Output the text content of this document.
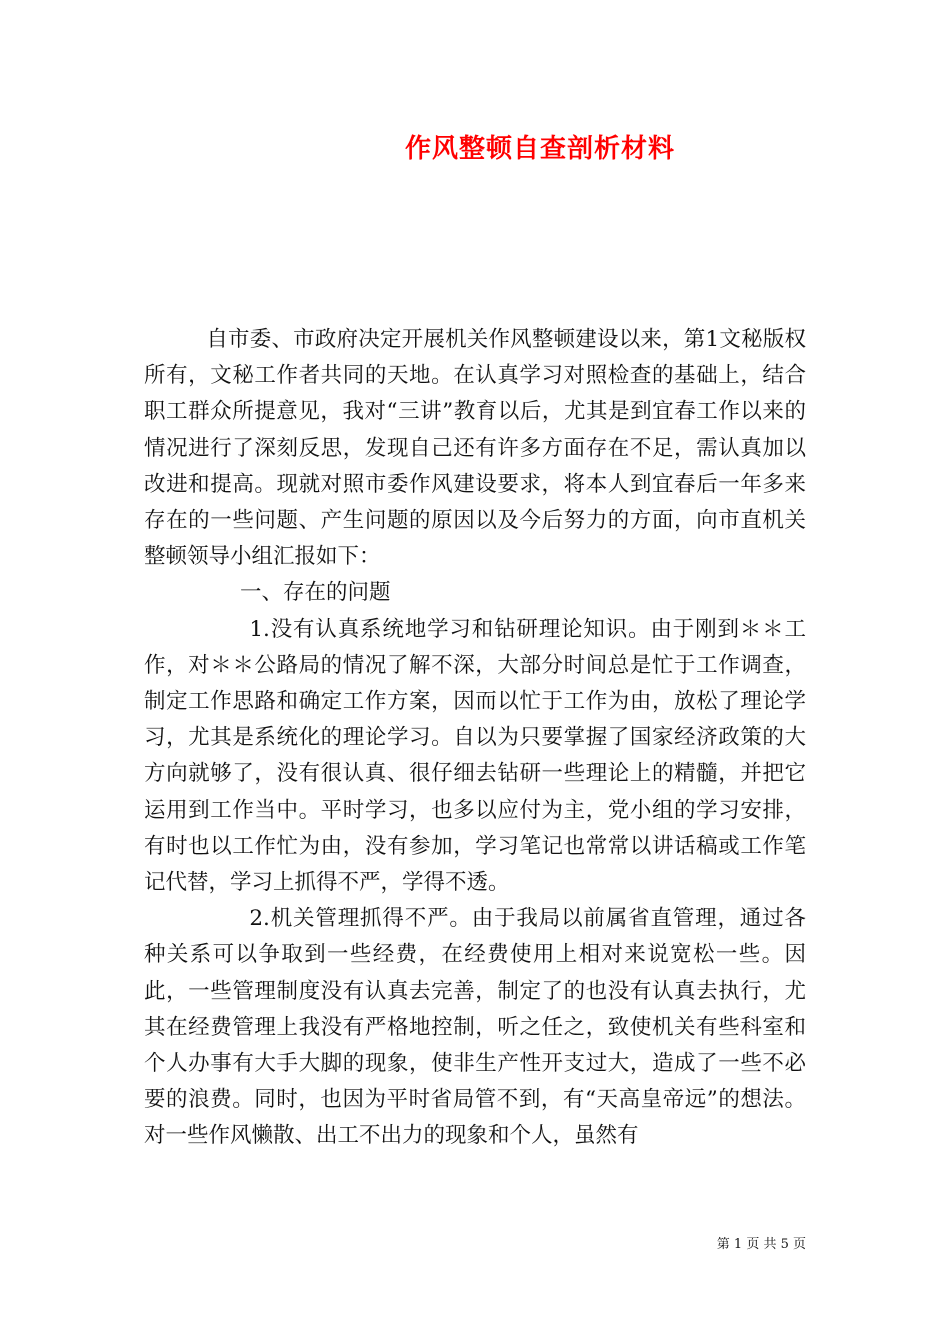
作风整顿自查剖析材料

自市委、市政府决定开展机关作风整顿建设以来，第1文秘版权所有，文秘工作者共同的天地。在认真学习对照检查的基础上，结合职工群众所提意见，我对“三讲”教育以后，尤其是到宜春工作以来的情况进行了深刻反思，发现自己还有许多方面存在不足，需认真加以改进和提高。现就对照市委作风建设要求，将本人到宜春后一年多来存在的一些问题、产生问题的原因以及今后努力的方面，向市直机关整顿领导小组汇报如下：

一、存在的问题

1.没有认真系统地学习和钻研理论知识。由于刚到＊＊工作，对＊＊公路局的情况了解不深，大部分时间总是忙于工作调查，制定工作思路和确定工作方案，因而以忙于工作为由，放松了理论学习，尤其是系统化的理论学习。自以为只要掌握了国家经济政策的大方向就够了，没有很认真、很仔细去钻研一些理论上的精髓，并把它运用到工作当中。平时学习，也多以应付为主，党小组的学习安排，有时也以工作忙为由，没有参加，学习笔记也常常以讲话稿或工作笔记代替，学习上抓得不严，学得不透。

2.机关管理抓得不严。由于我局以前属省直管理，通过各种关系可以争取到一些经费，在经费使用上相对来说宽松一些。因此，一些管理制度没有认真去完善，制定了的也没有认真去执行，尤其在经费管理上我没有严格地控制，听之任之，致使机关有些科室和个人办事有大手大脚的现象，使非生产性开支过大，造成了一些不必要的浪费。同时，也因为平时省局管不到，有“天高皇帝远”的想法。对一些作风懒散、出工不出力的现象和个人，虽然有

第 1 页 共 5 页
